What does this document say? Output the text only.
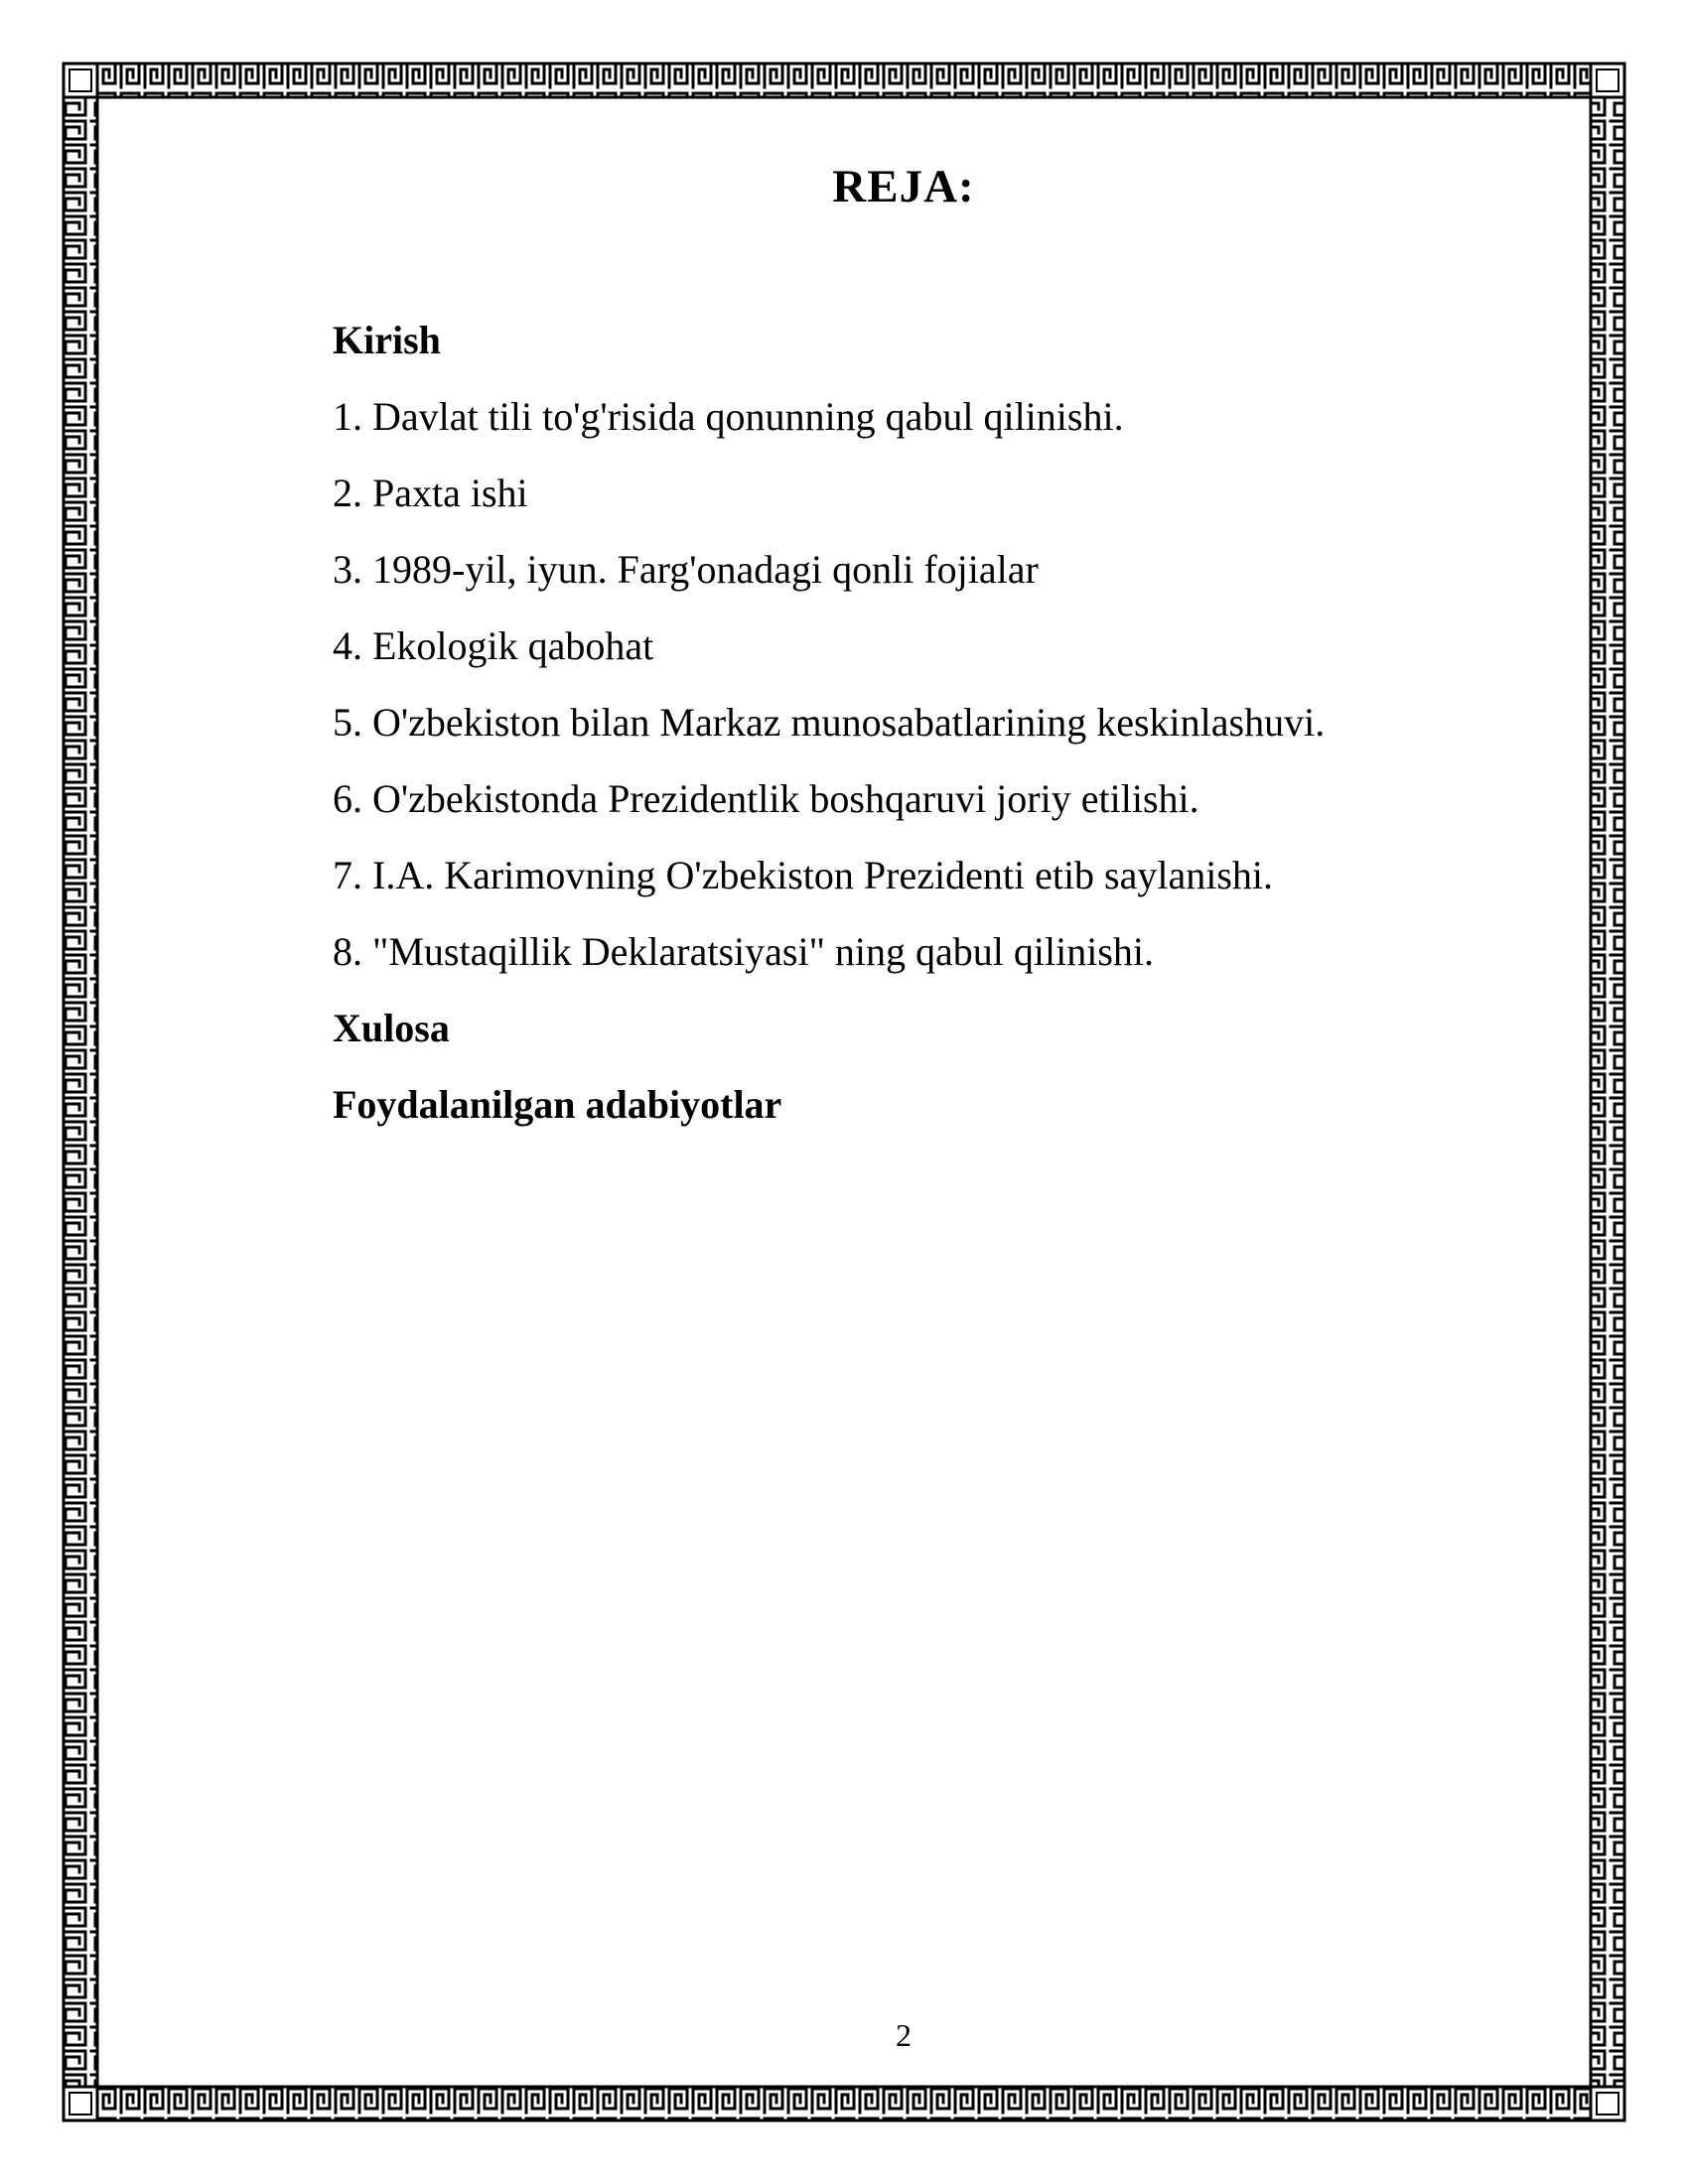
REJA:
Kirish
1. Davlat tili to'g'risida qonunning qabul qilinishi.
2. Paxta ishi
3. 1989-yil, iyun. Farg'onadagi qonli fojialar
4. Ekologik qabohat
5. O'zbekiston bilan Markaz munosabatlarining keskinlashuvi.
6. O'zbekistonda Prezidentlik boshqaruvi joriy etilishi.
7. I.A. Karimovning O'zbekiston Prezidenti etib saylanishi.
8. "Mustaqillik Deklaratsiyasi" ning qabul qilinishi.
Xulosa
Foydalanilgan adabiyotlar
2
